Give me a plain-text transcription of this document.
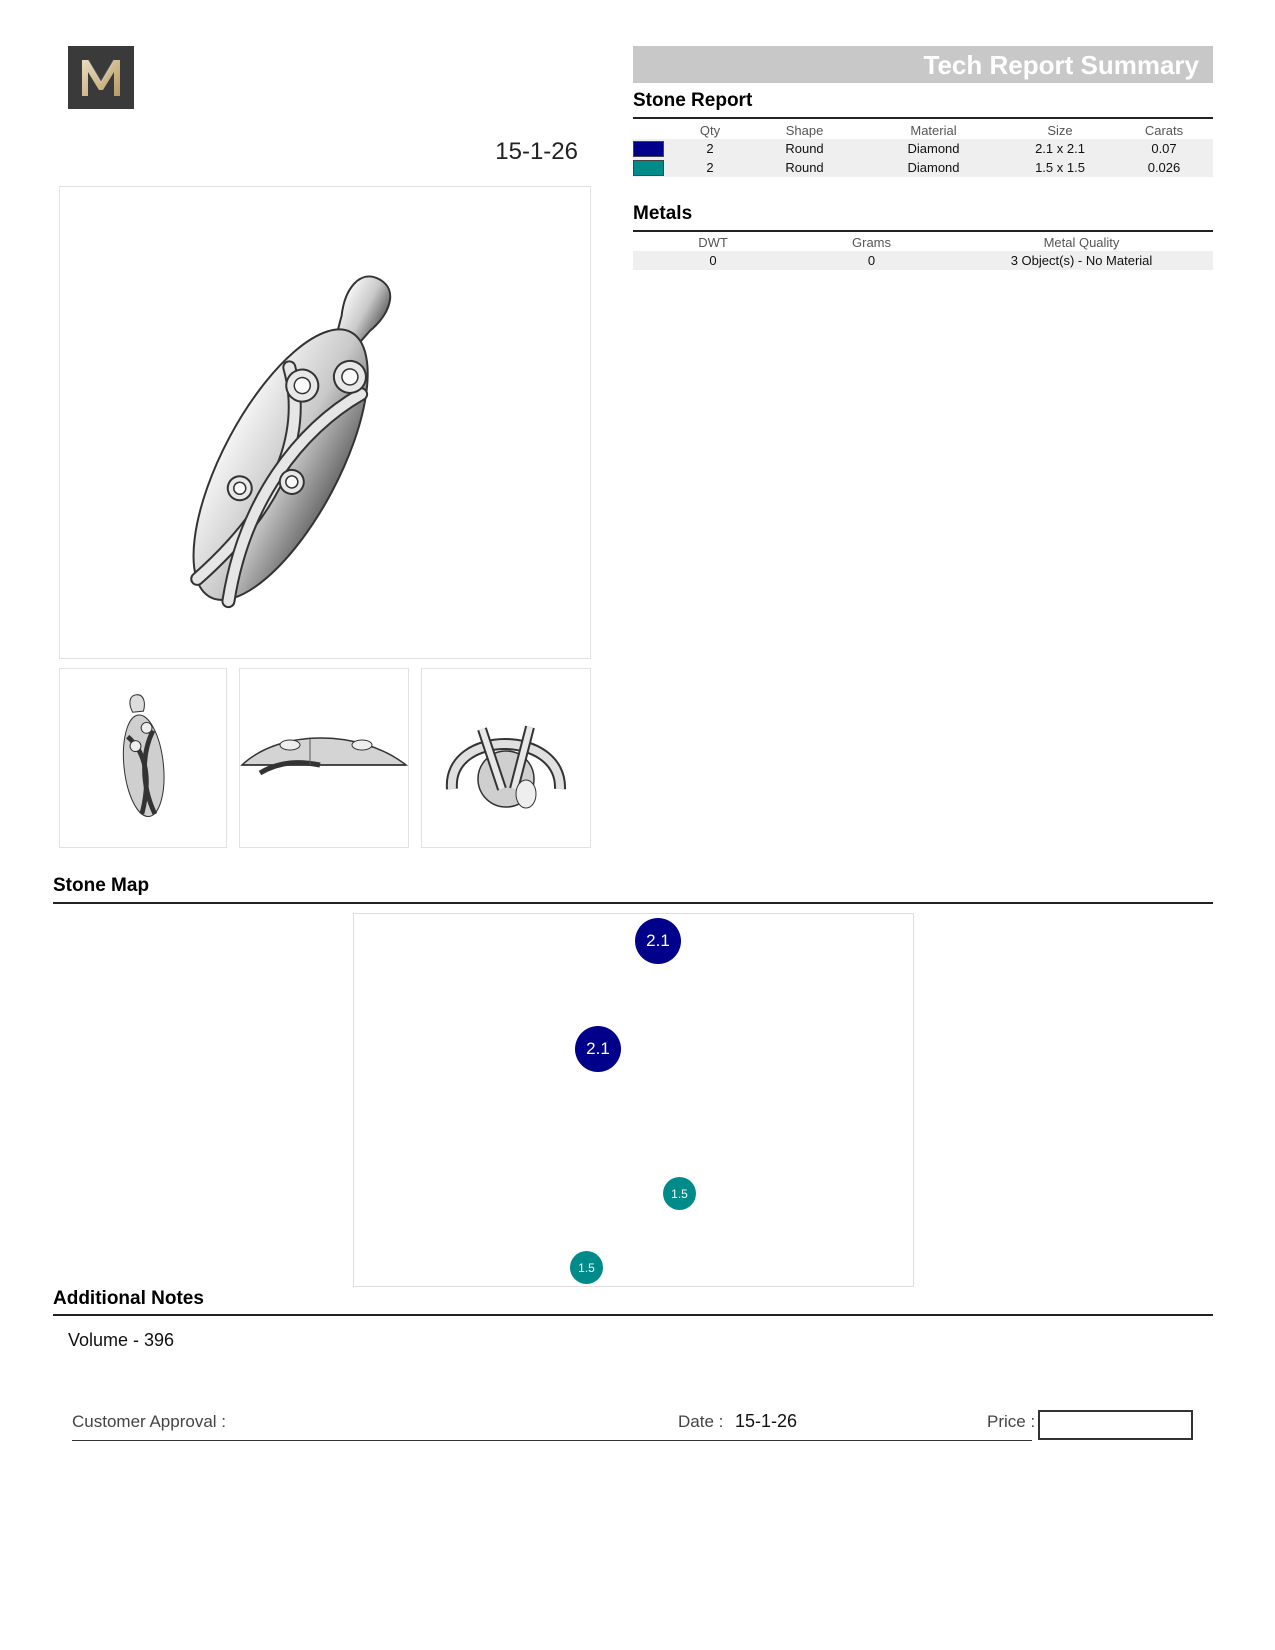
15-1-26
Tech Report Summary
Stone Report
	Qty	Shape	Material	Size	Carats

	2	Round	Diamond	2.1 x 2.1	0.07

	2	Round	Diamond	1.5 x 1.5	0.026
Metals
DWT	Grams	Metal Quality
0	0	3 Object(s) - No Material
Stone Map
2.1
2.1
1.5
1.5
Additional Notes
Volume - 396
Customer Approval :	Date : 15-1-26	Price :
